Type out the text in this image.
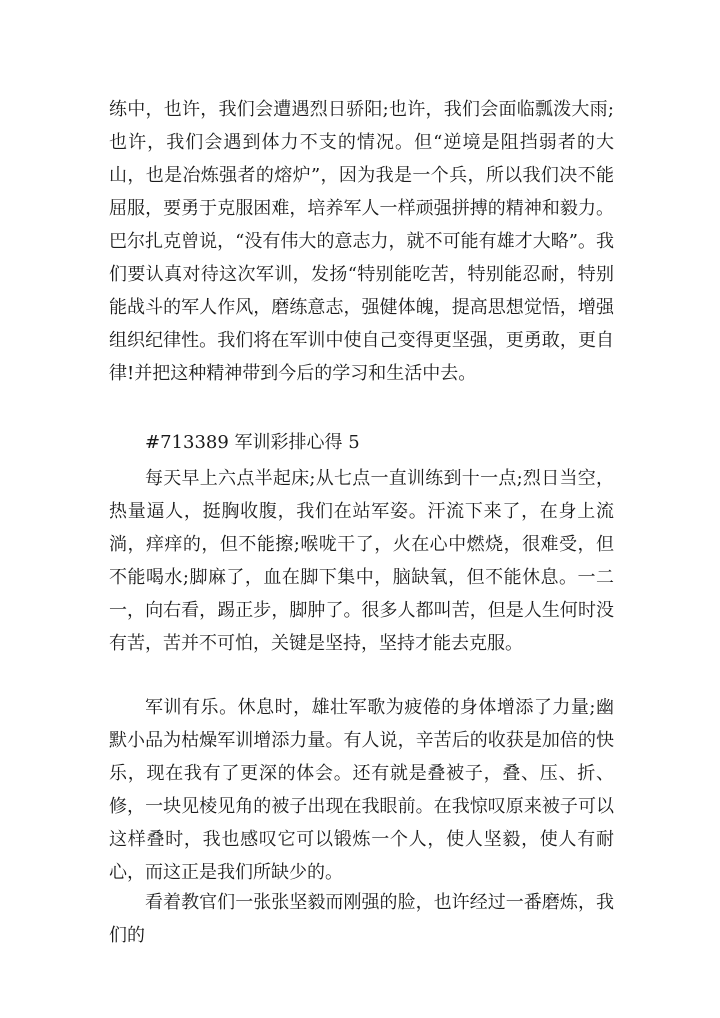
练中，也许，我们会遭遇烈日骄阳;也许，我们会面临瓢泼大雨;也许，我们会遇到体力不支的情况。但“逆境是阻挡弱者的大山，也是冶炼强者的熔炉”，因为我是一个兵，所以我们决不能屈服，要勇于克服困难，培养军人一样顽强拼搏的精神和毅力。巴尔扎克曾说，“没有伟大的意志力，就不可能有雄才大略”。我们要认真对待这次军训，发扬“特别能吃苦，特别能忍耐，特别能战斗的军人作风，磨练意志，强健体魄，提高思想觉悟，增强组织纪律性。我们将在军训中使自己变得更坚强，更勇敢，更自律!并把这种精神带到今后的学习和生活中去。

#713389 军训彩排心得 5

每天早上六点半起床;从七点一直训练到十一点;烈日当空，热量逼人，挺胸收腹，我们在站军姿。汗流下来了，在身上流淌，痒痒的，但不能擦;喉咙干了，火在心中燃烧，很难受，但不能喝水;脚麻了，血在脚下集中，脑缺氧，但不能休息。一二一，向右看，踢正步，脚肿了。很多人都叫苦，但是人生何时没有苦，苦并不可怕，关键是坚持，坚持才能去克服。

军训有乐。休息时，雄壮军歌为疲倦的身体增添了力量;幽默小品为枯燥军训增添力量。有人说，辛苦后的收获是加倍的快乐，现在我有了更深的体会。还有就是叠被子，叠、压、折、修，一块见棱见角的被子出现在我眼前。在我惊叹原来被子可以这样叠时，我也感叹它可以锻炼一个人，使人坚毅，使人有耐心，而这正是我们所缺少的。

看着教官们一张张坚毅而刚强的脸，也许经过一番磨炼，我们的
